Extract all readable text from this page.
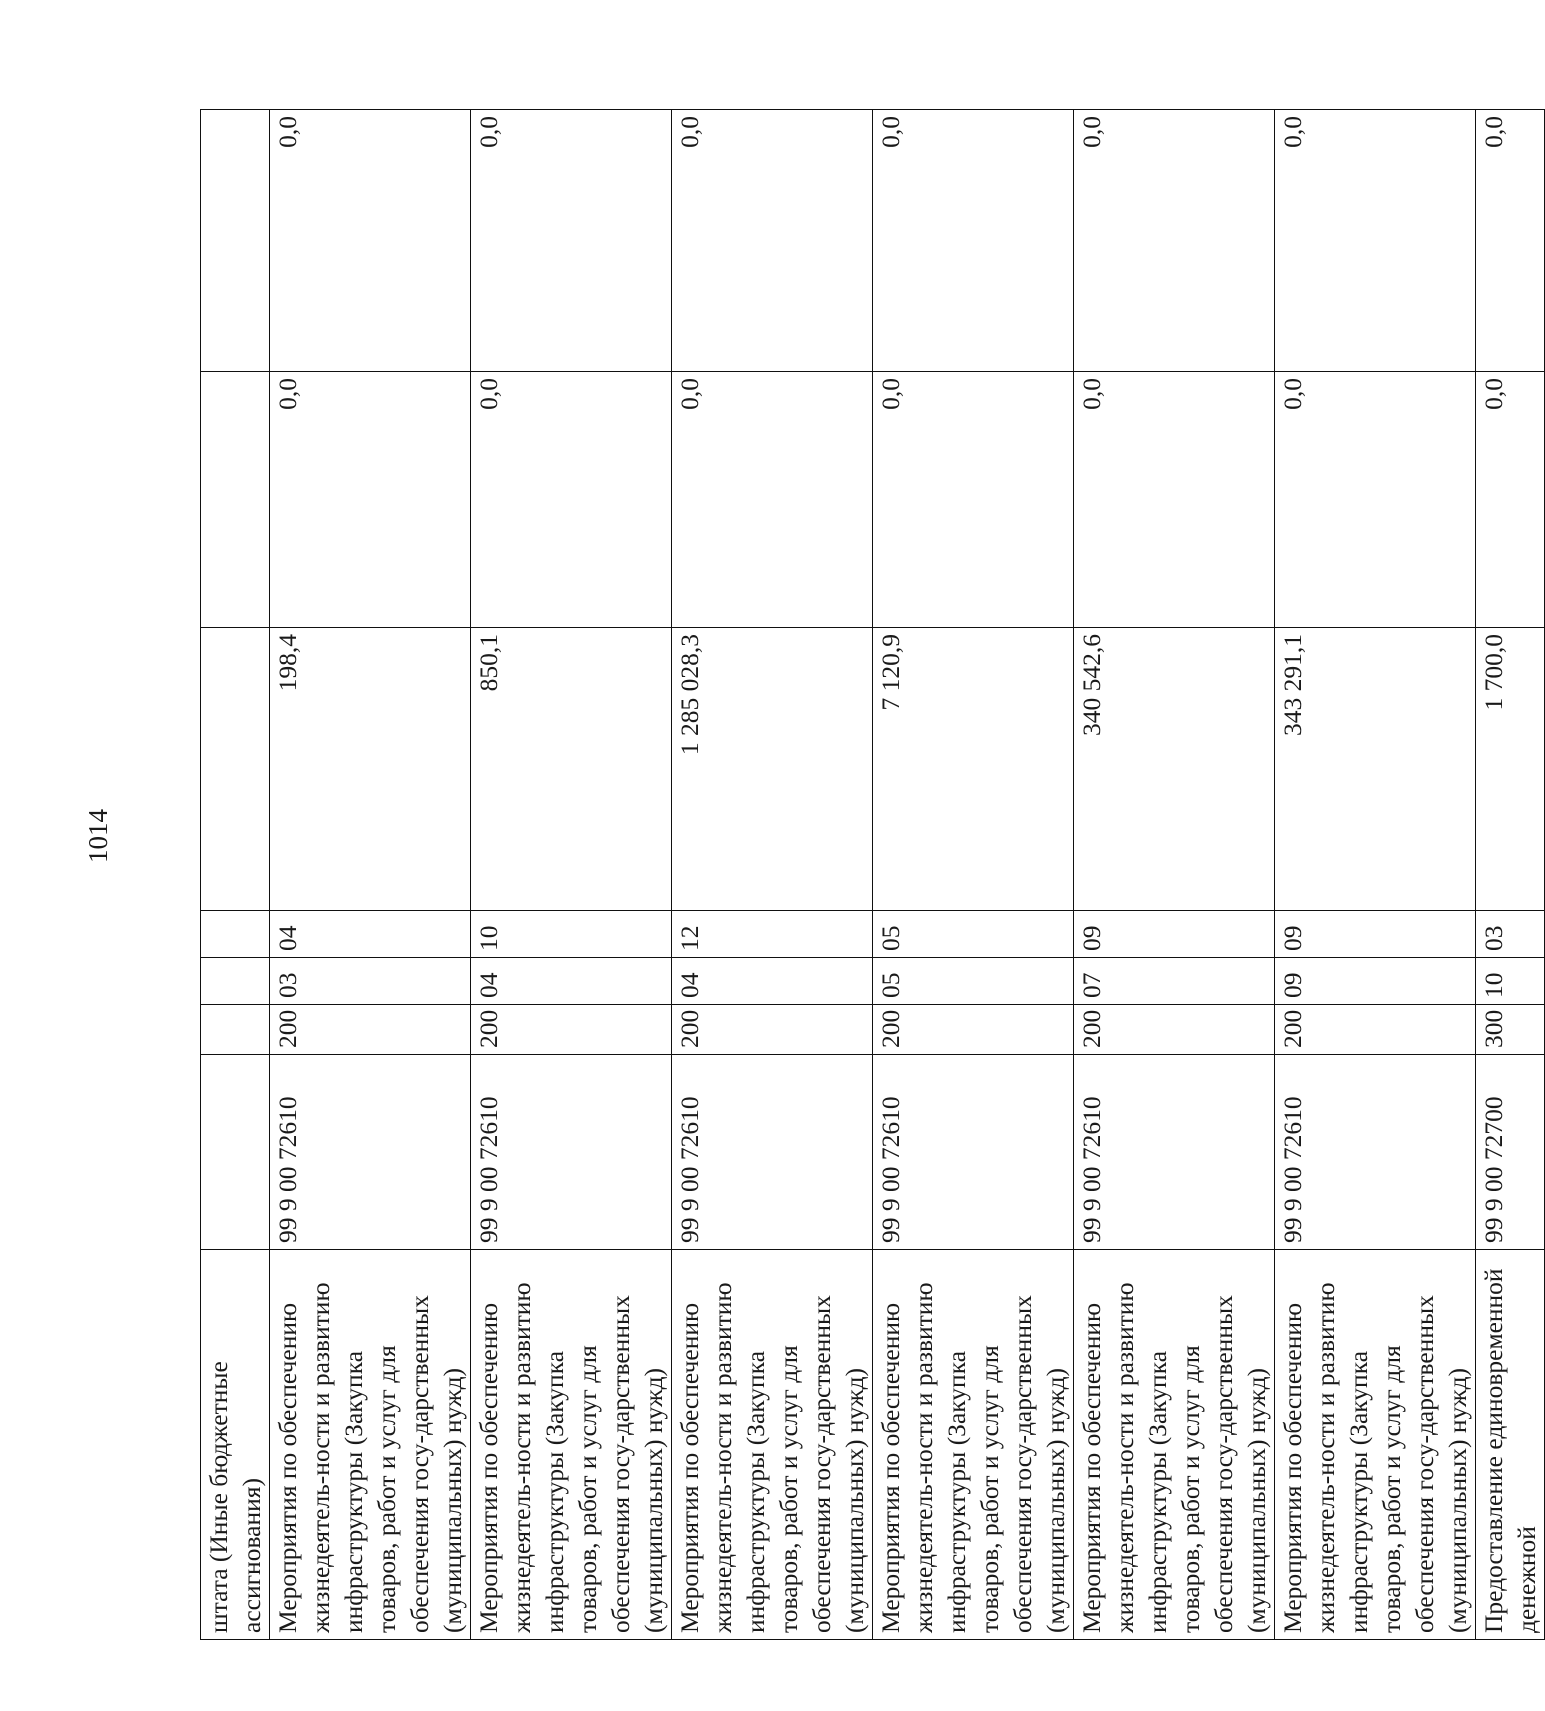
1014
штата (Иные бюджетные ассигнования)							
Мероприятия по обеспечению жизнедеятель-ности и развитию инфраструктуры (Закупка товаров, работ и услуг для обеспечения госу-дарственных (муниципальных) нужд)	99 9 00 72610	200	03	04	198,4	0,0	0,0
Мероприятия по обеспечению жизнедеятель-ности и развитию инфраструктуры (Закупка товаров, работ и услуг для обеспечения госу-дарственных (муниципальных) нужд)	99 9 00 72610	200	04	10	850,1	0,0	0,0
Мероприятия по обеспечению жизнедеятель-ности и развитию инфраструктуры (Закупка товаров, работ и услуг для обеспечения госу-дарственных (муниципальных) нужд)	99 9 00 72610	200	04	12	1 285 028,3	0,0	0,0
Мероприятия по обеспечению жизнедеятель-ности и развитию инфраструктуры (Закупка товаров, работ и услуг для обеспечения госу-дарственных (муниципальных) нужд)	99 9 00 72610	200	05	05	7 120,9	0,0	0,0
Мероприятия по обеспечению жизнедеятель-ности и развитию инфраструктуры (Закупка товаров, работ и услуг для обеспечения госу-дарственных (муниципальных) нужд)	99 9 00 72610	200	07	09	340 542,6	0,0	0,0
Мероприятия по обеспечению жизнедеятель-ности и развитию инфраструктуры (Закупка товаров, работ и услуг для обеспечения госу-дарственных (муниципальных) нужд)	99 9 00 72610	200	09	09	343 291,1	0,0	0,0
Предоставление единовременной денежной	99 9 00 72700	300	10	03	1 700,0	0,0	0,0
